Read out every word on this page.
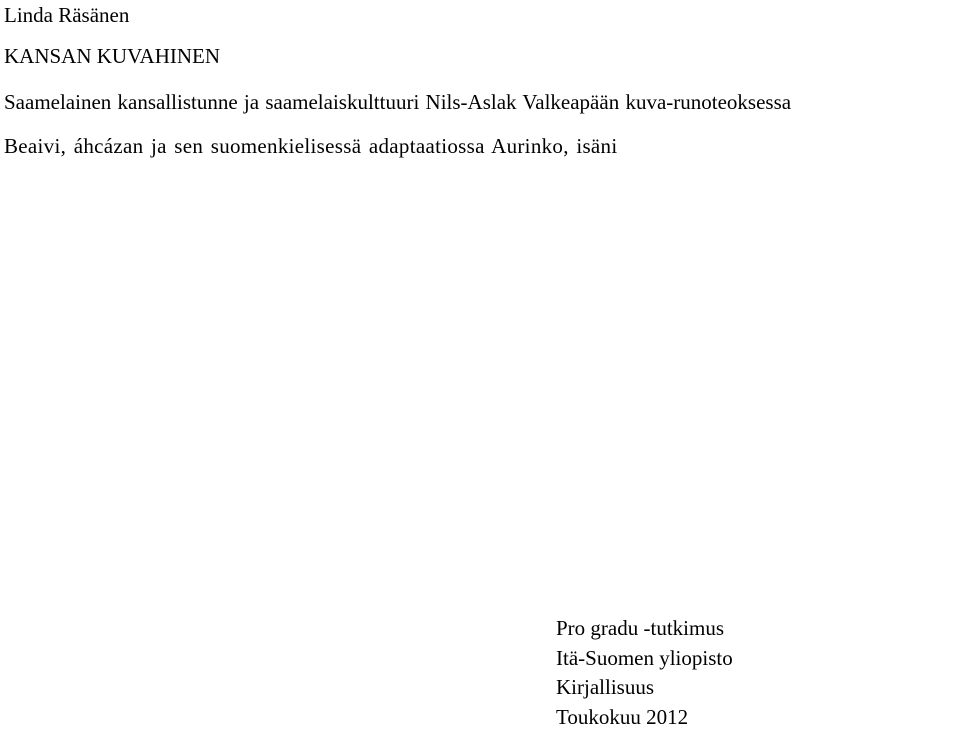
Linda Räsänen
KANSAN KUVAHINEN
Saamelainen kansallistunne ja saamelaiskulttuuri Nils-Aslak Valkeapään kuva-runoteoksessa
Beaivi, áhcázan ja sen suomenkielisessä adaptaatiossa Aurinko, isäni
Pro gradu -tutkimus
Itä-Suomen yliopisto
Kirjallisuus
Toukokuu 2012
